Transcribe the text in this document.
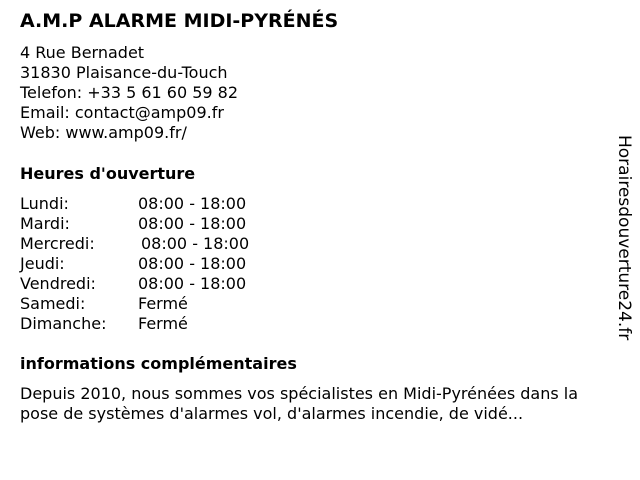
A.M.P ALARME MIDI-PYRÉNÉS
4 Rue Bernadet
31830 Plaisance-du-Touch
Telefon: +33 5 61 60 59 82
Email: contact@amp09.fr
Web: www.amp09.fr/
Heures d'ouverture
Lundi:	08:00 - 18:00
Mardi:	08:00 - 18:00
Mercredi:	08:00 - 18:00
Jeudi:	08:00 - 18:00
Vendredi:	08:00 - 18:00
Samedi:	Fermé
Dimanche: Fermé
informations complémentaires
Depuis 2010, nous sommes vos spécialistes en Midi-Pyrénées dans la
pose de systèmes d'alarmes vol, d'alarmes incendie, de vidé...
Horairesdouverture24.fr
